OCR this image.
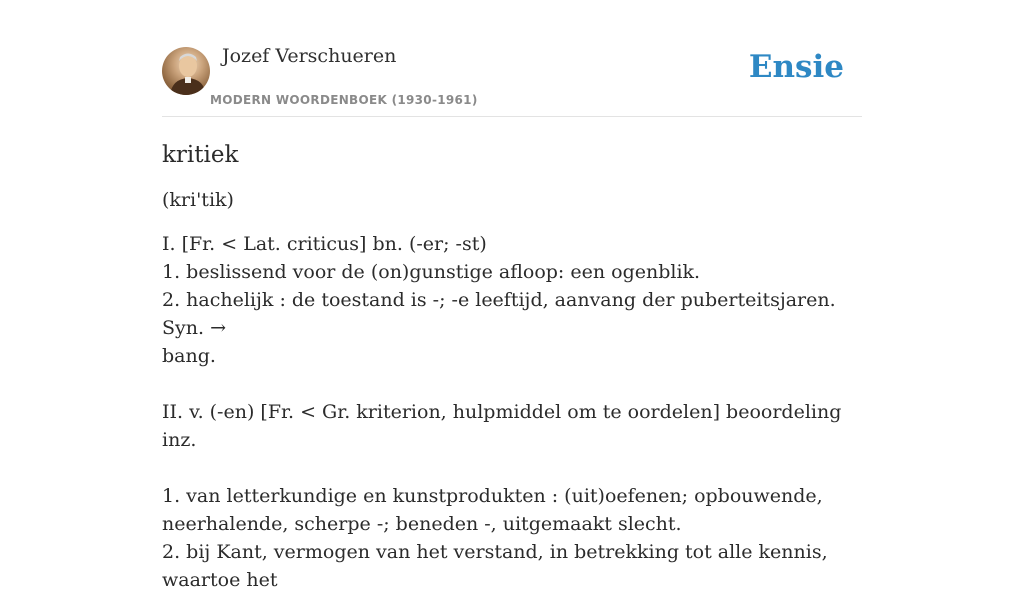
Jozef Verschueren
MODERN WOORDENBOEK (1930-1961)
Ensie
kritiek
(kri'tik)
I. [Fr. < Lat. criticus] bn. (-er; -st)
1. beslissend voor de (on)gunstige afloop: een ogenblik.
2. hachelijk : de toestand is -; -e leeftijd, aanvang der puberteitsjaren. Syn. →
bang.
II. v. (-en) [Fr. < Gr. kriterion, hulpmiddel om te oordelen] beoordeling inz.
1. van letterkundige en kunstprodukten : (uit)oefenen; opbouwende,
neerhalende, scherpe -; beneden -, uitgemaakt slecht.
2. bij Kant, vermogen van het verstand, in betrekking tot alle kennis, waartoe het
